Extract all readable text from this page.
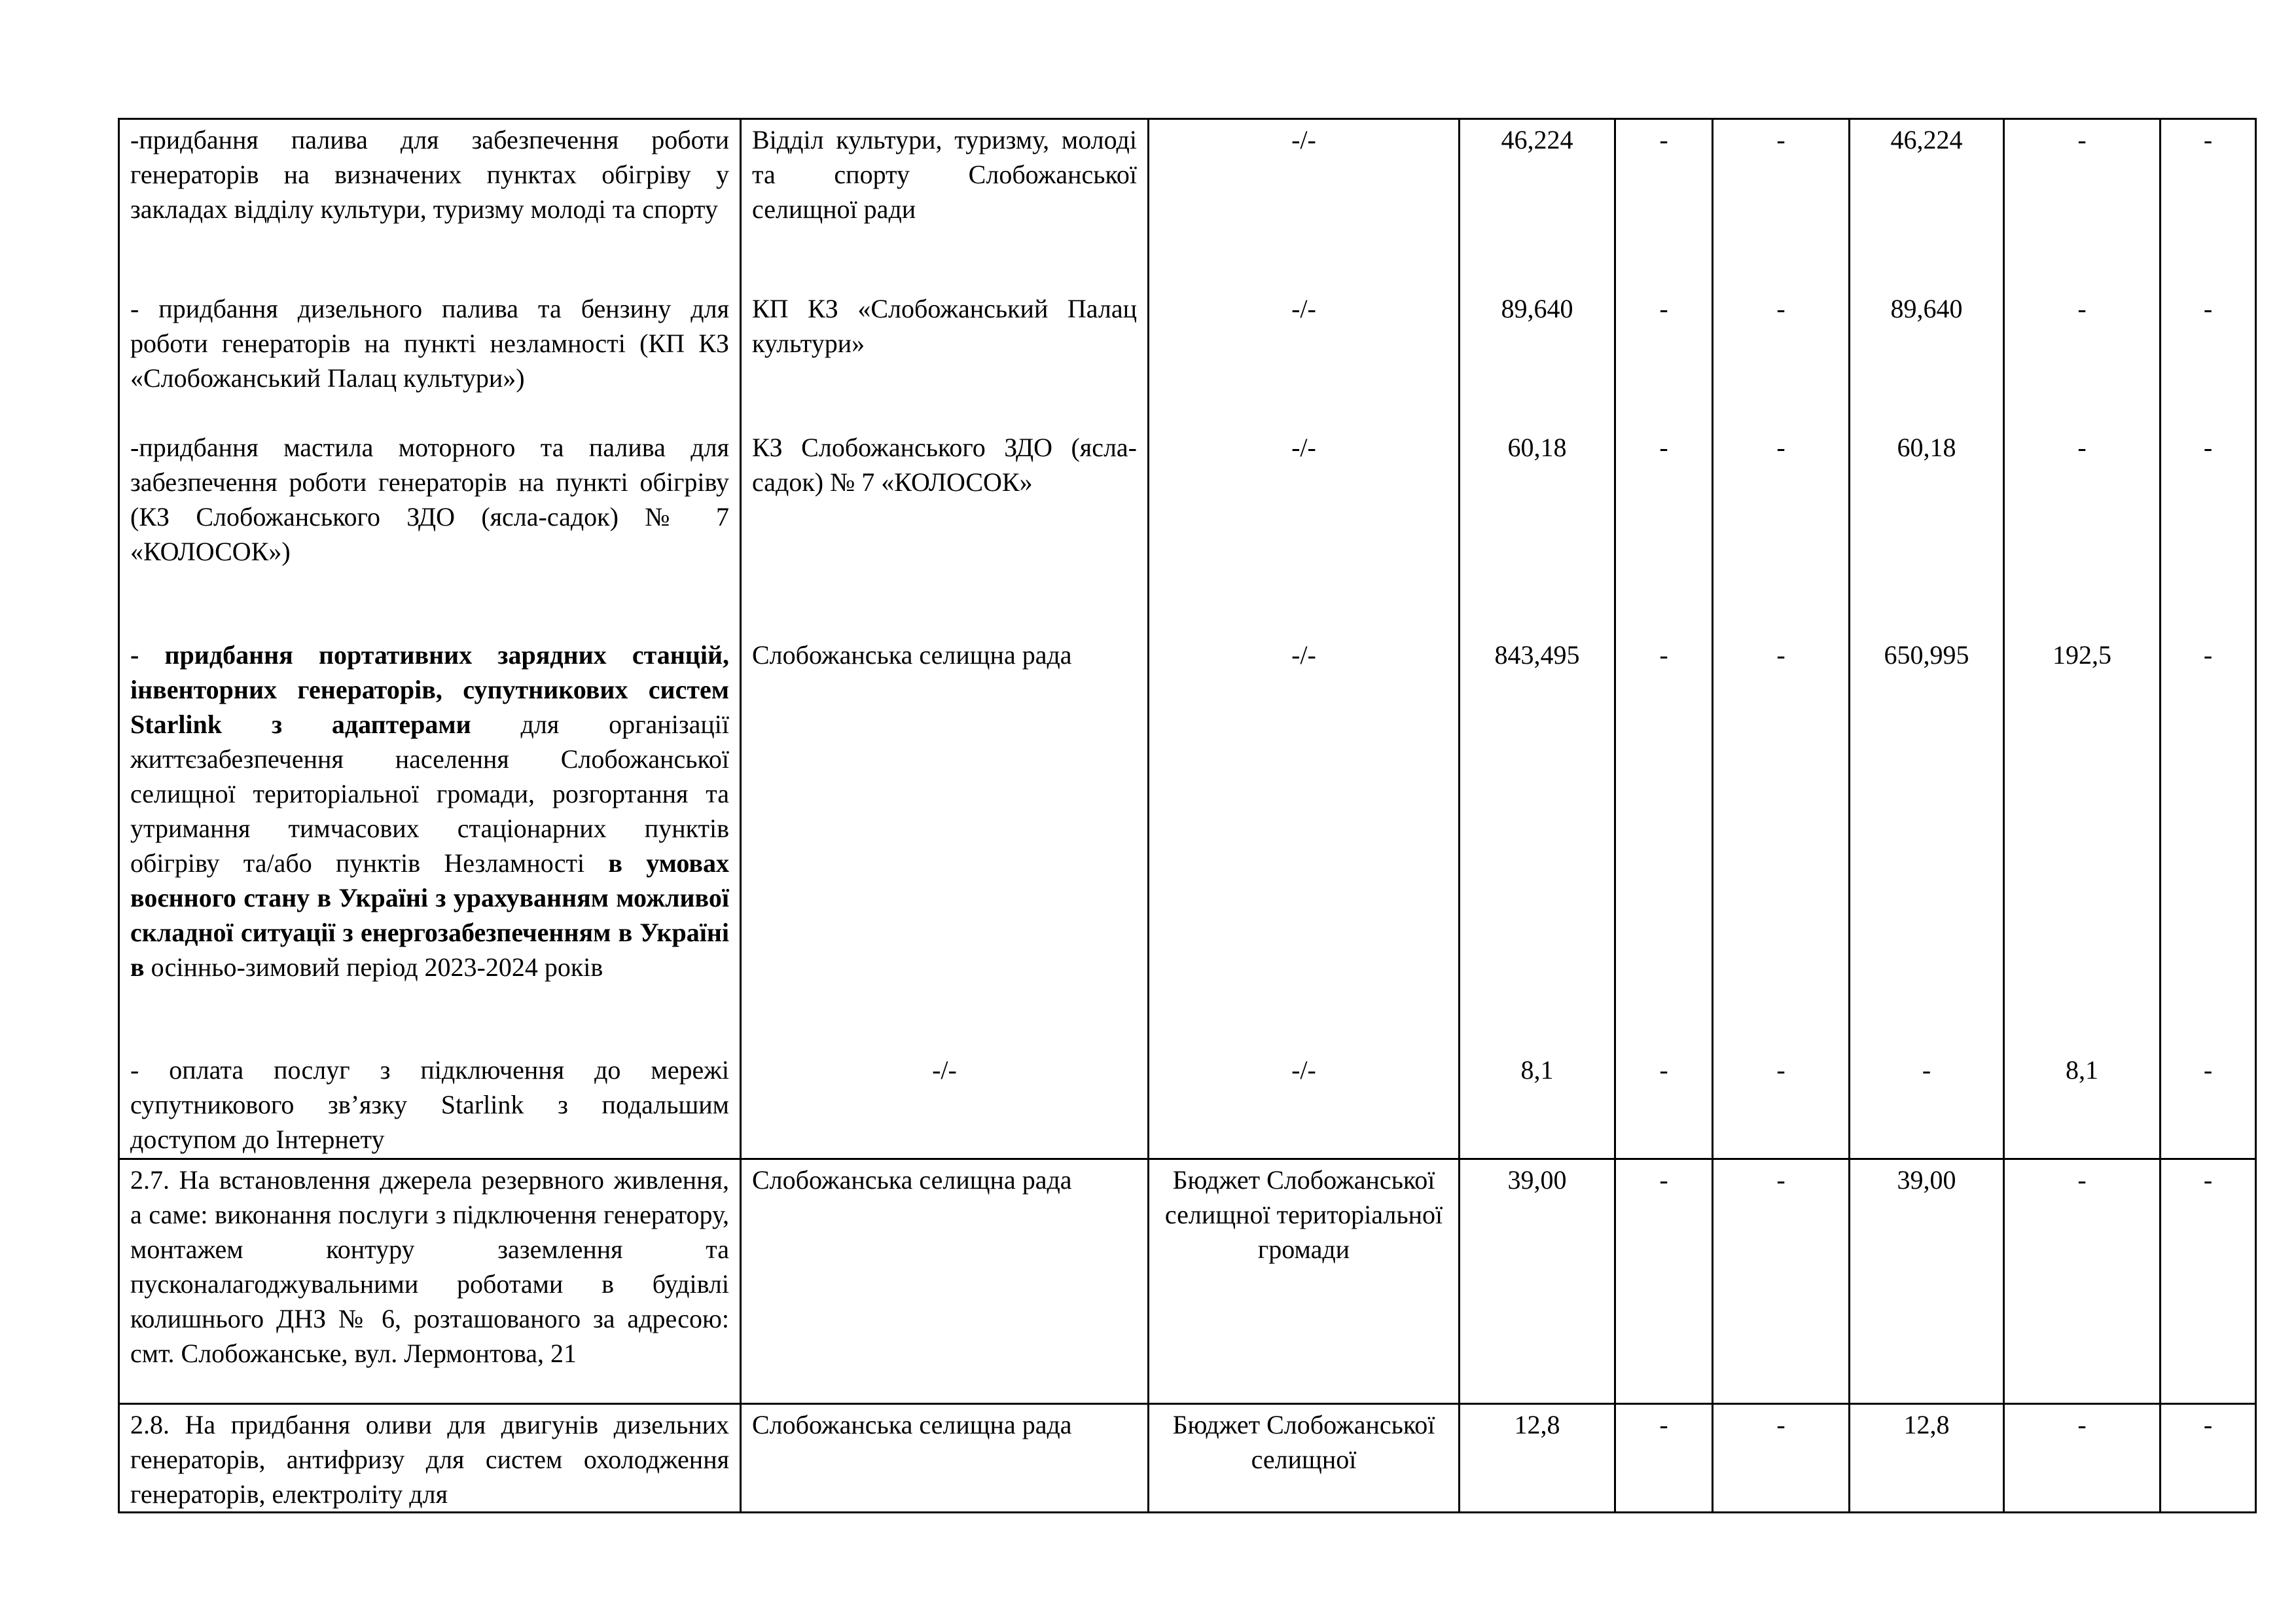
-придбання палива для забезпечення роботи генераторів на визначених пунктах обігріву у закладах відділу культури, туризму молоді та спорту	Відділ культури, туризму, молоді та спорту Слобожанської селищної ради	-/-	46,224	-	-	46,224	-	-
- придбання дизельного палива та бензину для роботи генераторів на пункті незламності (КП КЗ «Слобожанський Палац культури»)	КП КЗ «Слобожанський Палац культури»	-/-	89,640	-	-	89,640	-	-
-придбання мастила моторного та палива для забезпечення роботи генераторів на пункті обігріву (КЗ Слобожанського ЗДО (ясла-садок) № 7 «КОЛОСОК»)	КЗ Слобожанського ЗДО (ясла-садок) № 7 «КОЛОСОК»	-/-	60,18	-	-	60,18	-	-
- придбання портативних зарядних станцій, інвенторних генераторів, супутникових систем Starlink з адаптерами для організації життєзабезпечення населення Слобожанської селищної територіальної громади, розгортання та утримання тимчасових стаціонарних пунктів обігріву та/або пунктів Незламності в умовах воєнного стану в Україні з урахуванням можливої складної ситуації з енергозабезпеченням в Україні в осінньо-зимовий період 2023-2024 років	Слобожанська селищна рада	-/-	843,495	-	-	650,995	192,5	-
- оплата послуг з підключення до мережі супутникового зв’язку Starlink з подальшим доступом до Інтернету	-/-	-/-	8,1	-	-	-	8,1	-
2.7. На встановлення джерела резервного живлення, а саме: виконання послуги з підключення генератору, монтажем контуру заземлення та пусконалагоджувальними роботами в будівлі колишнього ДНЗ № 6, розташованого за адресою: смт. Слобожанське, вул. Лермонтова, 21	Слобожанська селищна рада	Бюджет Слобожанської селищної територіальної громади	39,00	-	-	39,00	-	-
2.8. На придбання оливи для двигунів дизельних генераторів, антифризу для систем охолодження генераторів, електроліту для	Слобожанська селищна рада	Бюджет Слобожанської селищної	12,8	-	-	12,8	-	-
